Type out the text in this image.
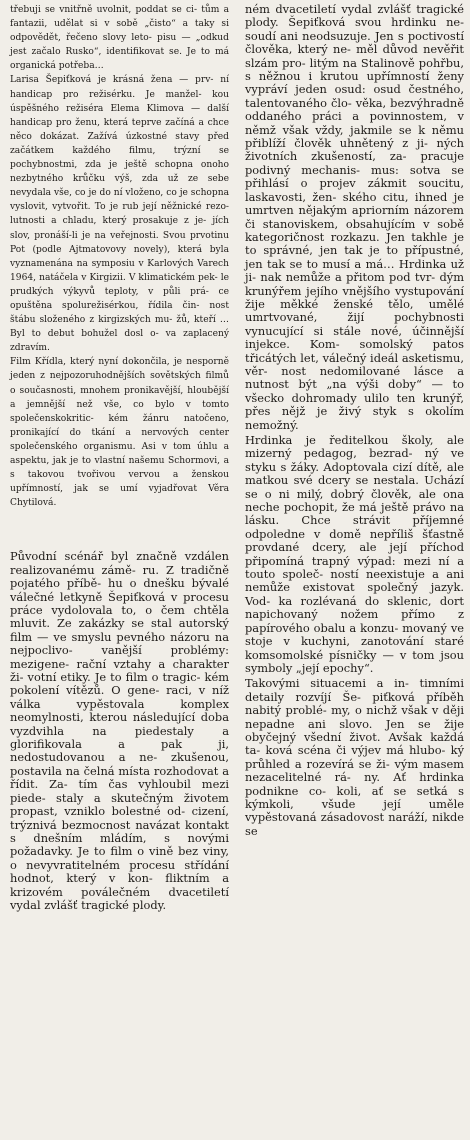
třebuji se vnitřně uvolnit, poddat se ci- tům a fantazii, udělat si v sobě „čisto“ a taky si odpovědět, řečeno slovy leto- pisu — „odkud jest začalo Rusko“, identifikovat se. Je to má organická potřeba…

Larisa Šepiťková je krásná žena — prv- ní handicap pro režisérku. Je manžel- kou úspěšného režiséra Elema Klimova — další handicap pro ženu, která teprve začíná a chce něco dokázat. Zažívá úzkostné stavy před začátkem každého filmu, trýzní se pochybnostmi, zda je ještě schopna onoho nezbytného krůčku výš, zda už ze sebe nevydala vše, co je do ní vloženo, co je schopna vyslovit, vytvořit. To je rub její něžnické rezo- lutnosti a chladu, který prosakuje z je- jích slov, pronáší-li je na veřejnosti. Svou prvotinu Pot (podle Ajtmatovovy novely), která byla vyznamenána na symposiu v Karlových Varech 1964, natáčela v Kirgizii. V klimatickém pek- le prudkých výkyvů teploty, v půli prá- ce opuštěna spolurežisérkou, řídila čin- nost štábu složeného z kirgizských mu- žů, kteří … Byl to debut bohužel dosl o- va zaplacený zdravím.

Film Křídla, který nyní dokončila, je nesporně jeden z nejpozoruhodnějších sovětských filmů o současnosti, mnohem pronikavější, hloubější a jemnější než vše, co bylo v tomto společenskokritic- kém žánru natočeno, pronikající do tkání a nervových center společenského organismu. Asi v tom úhlu a aspektu, jak je to vlastní našemu Schormovi, a s takovou tvořivou vervou a ženskou upřímností, jak se umí vyjadřovat Věra Chytilová.

Původní scénář byl značně vzdálen realizovanému zámě- ru. Z tradičně pojatého příbě- hu o dnešku bývalé válečné letkyně Šepiťková v procesu práce vydolovala to, o čem chtěla mluvit. Ze zakázky se stal autorský film — ve smyslu pevného názoru na nejpoclivo- vanější problémy: mezigene- rační vztahy a charakter ži- votní etiky. Je to film o tragic- kém pokolení vítězů. O gene- raci, v níž válka vypěstovala komplex neomylnosti, kterou následující doba vyzdvihla na piedestaly a glorifikovala a pak ji, nedostudovanou a ne- zkušenou, postavila na čelná místa rozhodovat a řídit. Za- tím čas vyhloubil mezi piede- staly a skutečným životem propast, vzniklo bolestné od- cizení, trýznivá bezmocnost navázat kontakt s dnešním mládím, s novými požadavky. Je to film o vině bez viny, o nevyvratitelném procesu střídání hodnot, který v kon- fliktním a krizovém poválečném dvacetiletí vydal zvlášť tragické plody.

ném dvacetiletí vydal zvlášť tragické plody. Šepiťková svou hrdinku ne- soudí ani neodsuzuje. Jen s poctivostí člověka, který ne- měl důvod nevěřit slzám pro- litým na Stalinově pohřbu, s něžnou i krutou upřímností ženy vypráví jeden osud: osud čestného, talentovaného člo- věka, bezvýhradně oddaného práci a povinnostem, v němž však vždy, jakmile se k němu přiblíží člověk uhnětený z ji- ných životních zkušeností, za- pracuje podivný mechanis- mus: sotva se přihlásí o projev zákmit soucitu, laskavosti, žen- ského citu, ihned je umrtven nějakým apriorním názorem či stanoviskem, obsahujícím v sobě kategoričnost rozkazu. Jen takhle je to správné, jen tak je to přípustné, jen tak se to musí a má… Hrdinka už ji- nak nemůže a přitom pod tvr- dým krunýřem jejího vnějšího vystupování žije měkké ženské tělo, umělé umrtvované, žijí pochybnosti vynucující si stále nové, účinnější injekce. Kom- somolský patos třicátých let, válečný ideál asketismu, věr- nost nedomilované lásce a nutnost být „na výši doby“ — to všecko dohromady ulilo ten krunýř, přes nějž je živý styk s okolím nemožný.

Hrdinka je ředitelkou školy, ale mizerný pedagog, bezrad- ný ve styku s žáky. Adoptovala cizí dítě, ale matkou své dcery se nestala. Uchází se o ni milý, dobrý člověk, ale ona neche pochopit, že má ještě právo na lásku. Chce strávit příjemné odpoledne v domě nepříliš šťastně provdané dcery, ale její příchod připomíná trapný výpad: mezi ní a touto společ- ností neexistuje a ani nemůže existovat společný jazyk. Vod- ka rozlévaná do sklenic, dort napichovaný nožem přímo z papírového obalu a konzu- movaný ve stoje v kuchyni, zanotování staré komsomolské písničky — v tom jsou symboly „její epochy“.

Takovými situacemi a in- timními detaily rozvíjí Še- piťková příběh nabitý problé- my, o nichž však v ději nepadne ani slovo. Jen se žije obyčejný všední život. Avšak každá ta- ková scéna či výjev má hlubo- ký průhled a rozevírá se ži- vým masem nezacelitelné rá- ny. Ať hrdinka podnikne co- koli, ať se setká s kýmkoli, všude její uměle vypěstovaná zásadovost naráží, nikde se
